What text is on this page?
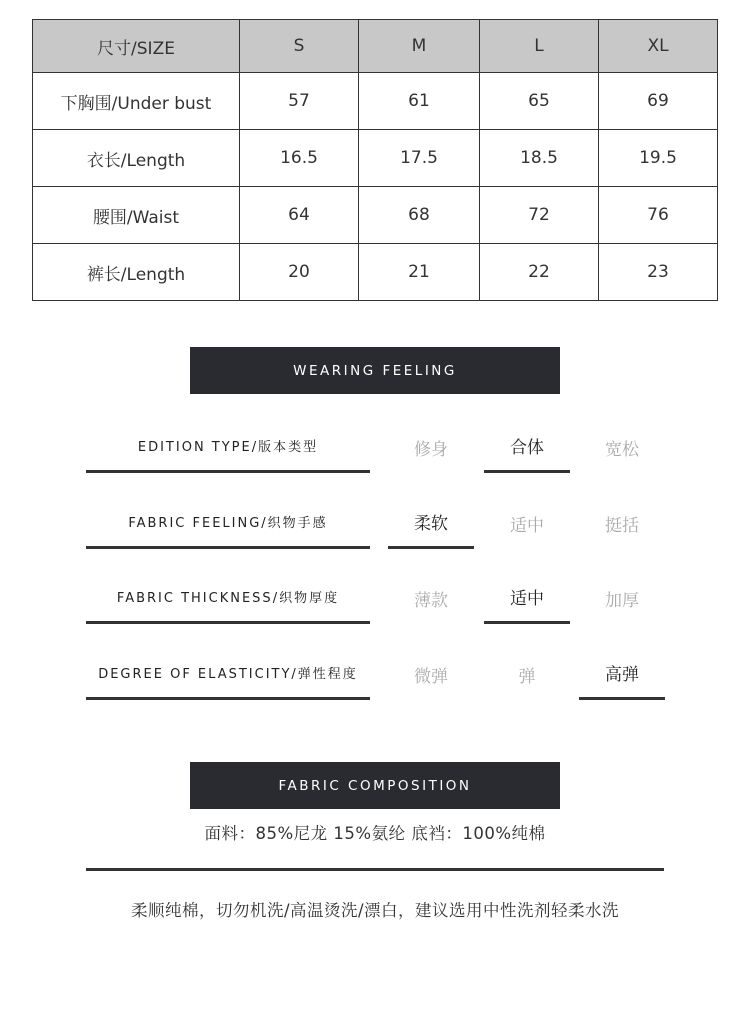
尺寸/SIZE	S	M	L	XL
下胸围/Under bust	57	61	65	69
衣长/Length	16.5	17.5	18.5	19.5
腰围/Waist	64	68	72	76
裤长/Length	20	21	22	23
WEARING FEELING
EDITION TYPE/版本类型	修身	合体	宽松
FABRIC FEELING/织物手感	柔软	适中	挺括
FABRIC THICKNESS/织物厚度	薄款	适中	加厚
DEGREE OF ELASTICITY/弹性程度	微弹	弹	高弹
FABRIC COMPOSITION
面料：85%尼龙 15%氨纶 底裆：100%纯棉
柔顺纯棉，切勿机洗/高温烫洗/漂白，建议选用中性洗剂轻柔水洗
